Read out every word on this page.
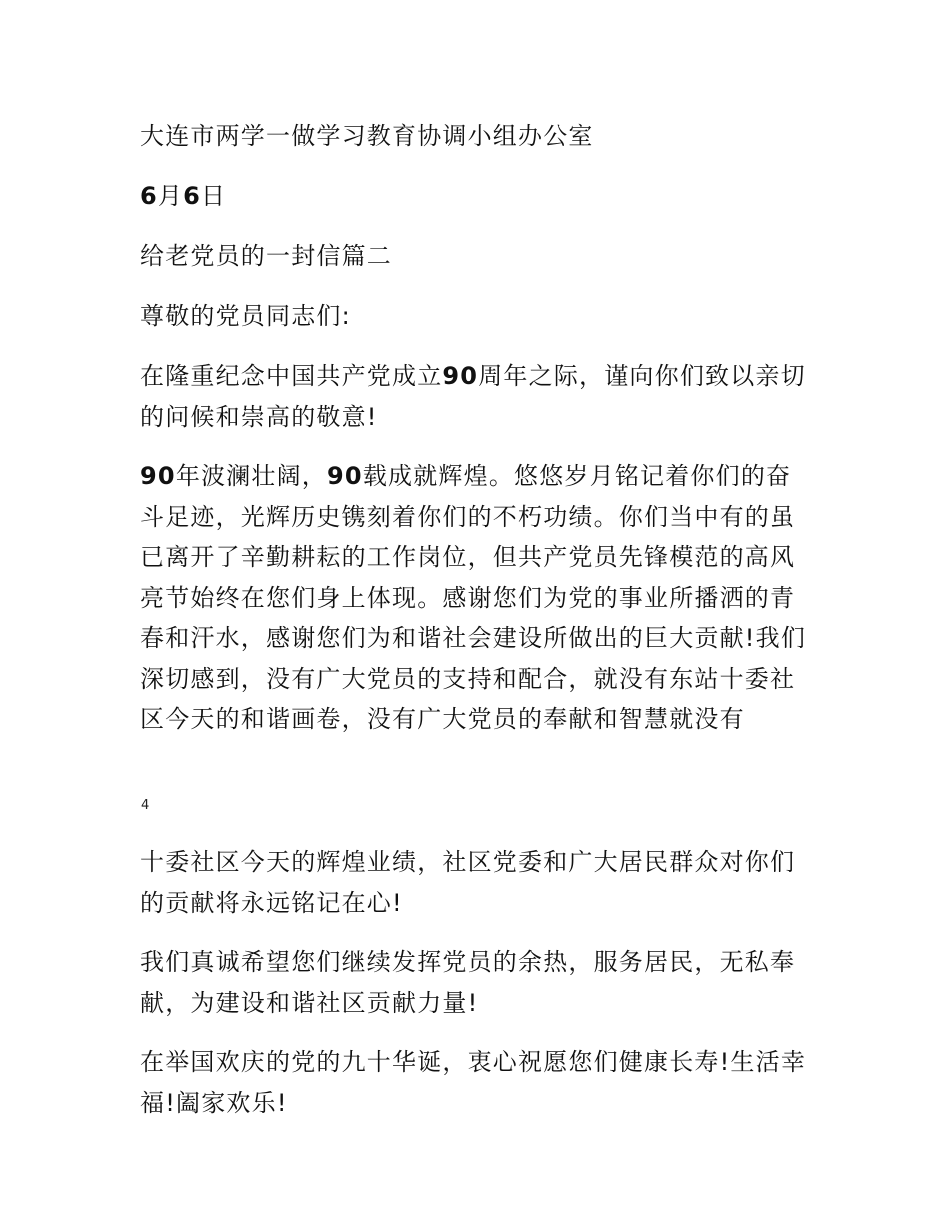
大连市两学一做学习教育协调小组办公室

6月6日

给老党员的一封信篇二

尊敬的党员同志们:

在隆重纪念中国共产党成立90周年之际，谨向你们致以亲切的问候和崇高的敬意!

90年波澜壮阔，90载成就辉煌。悠悠岁月铭记着你们的奋斗足迹，光辉历史镌刻着你们的不朽功绩。你们当中有的虽已离开了辛勤耕耘的工作岗位，但共产党员先锋模范的高风亮节始终在您们身上体现。感谢您们为党的事业所播洒的青春和汗水，感谢您们为和谐社会建设所做出的巨大贡献!我们深切感到，没有广大党员的支持和配合，就没有东站十委社区今天的和谐画卷，没有广大党员的奉献和智慧就没有

4

十委社区今天的辉煌业绩，社区党委和广大居民群众对你们的贡献将永远铭记在心!

我们真诚希望您们继续发挥党员的余热，服务居民，无私奉献，为建设和谐社区贡献力量!

在举国欢庆的党的九十华诞，衷心祝愿您们健康长寿!生活幸福!阖家欢乐!
